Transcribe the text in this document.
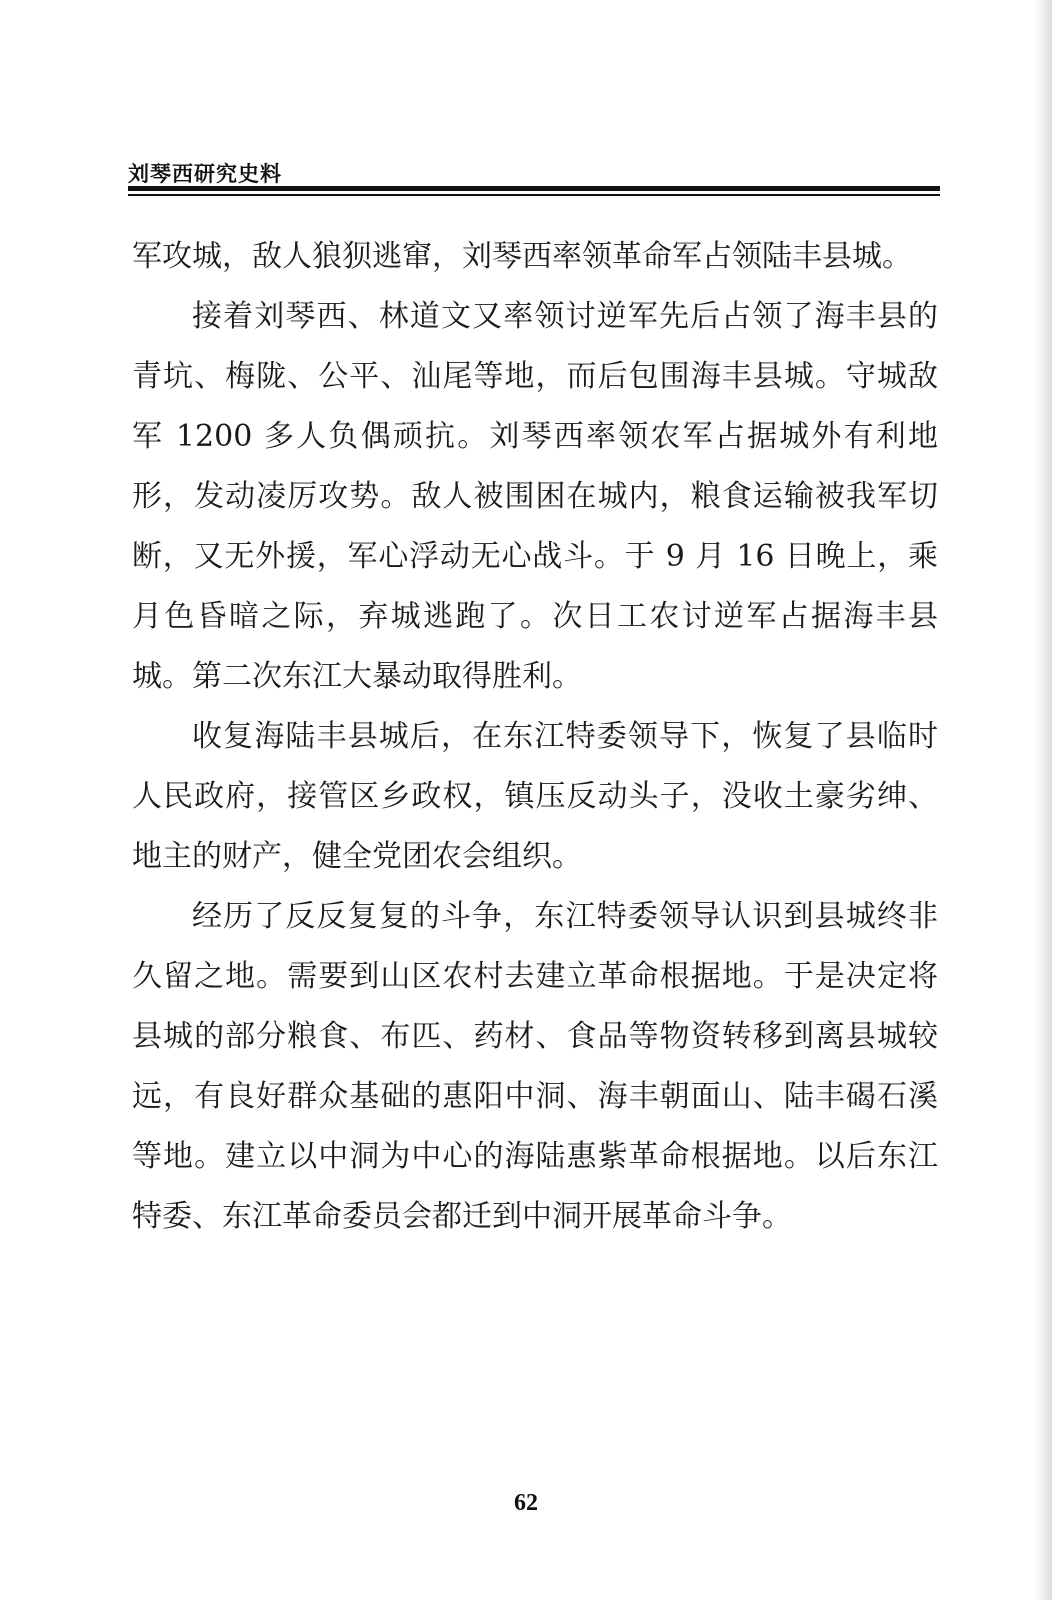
刘琴西研究史料

军攻城，敌人狼狈逃窜，刘琴西率领革命军占领陆丰县城。

接着刘琴西、林道文又率领讨逆军先后占领了海丰县的青坑、梅陇、公平、汕尾等地，而后包围海丰县城。守城敌军 1200 多人负偶顽抗。刘琴西率领农军占据城外有利地形，发动凌厉攻势。敌人被围困在城内，粮食运输被我军切断，又无外援，军心浮动无心战斗。于 9 月 16 日晚上，乘月色昏暗之际，弃城逃跑了。次日工农讨逆军占据海丰县城。第二次东江大暴动取得胜利。

收复海陆丰县城后，在东江特委领导下，恢复了县临时人民政府，接管区乡政权，镇压反动头子，没收土豪劣绅、地主的财产，健全党团农会组织。

经历了反反复复的斗争，东江特委领导认识到县城终非久留之地。需要到山区农村去建立革命根据地。于是决定将县城的部分粮食、布匹、药材、食品等物资转移到离县城较远，有良好群众基础的惠阳中洞、海丰朝面山、陆丰碣石溪等地。建立以中洞为中心的海陆惠紫革命根据地。以后东江特委、东江革命委员会都迁到中洞开展革命斗争。

62
